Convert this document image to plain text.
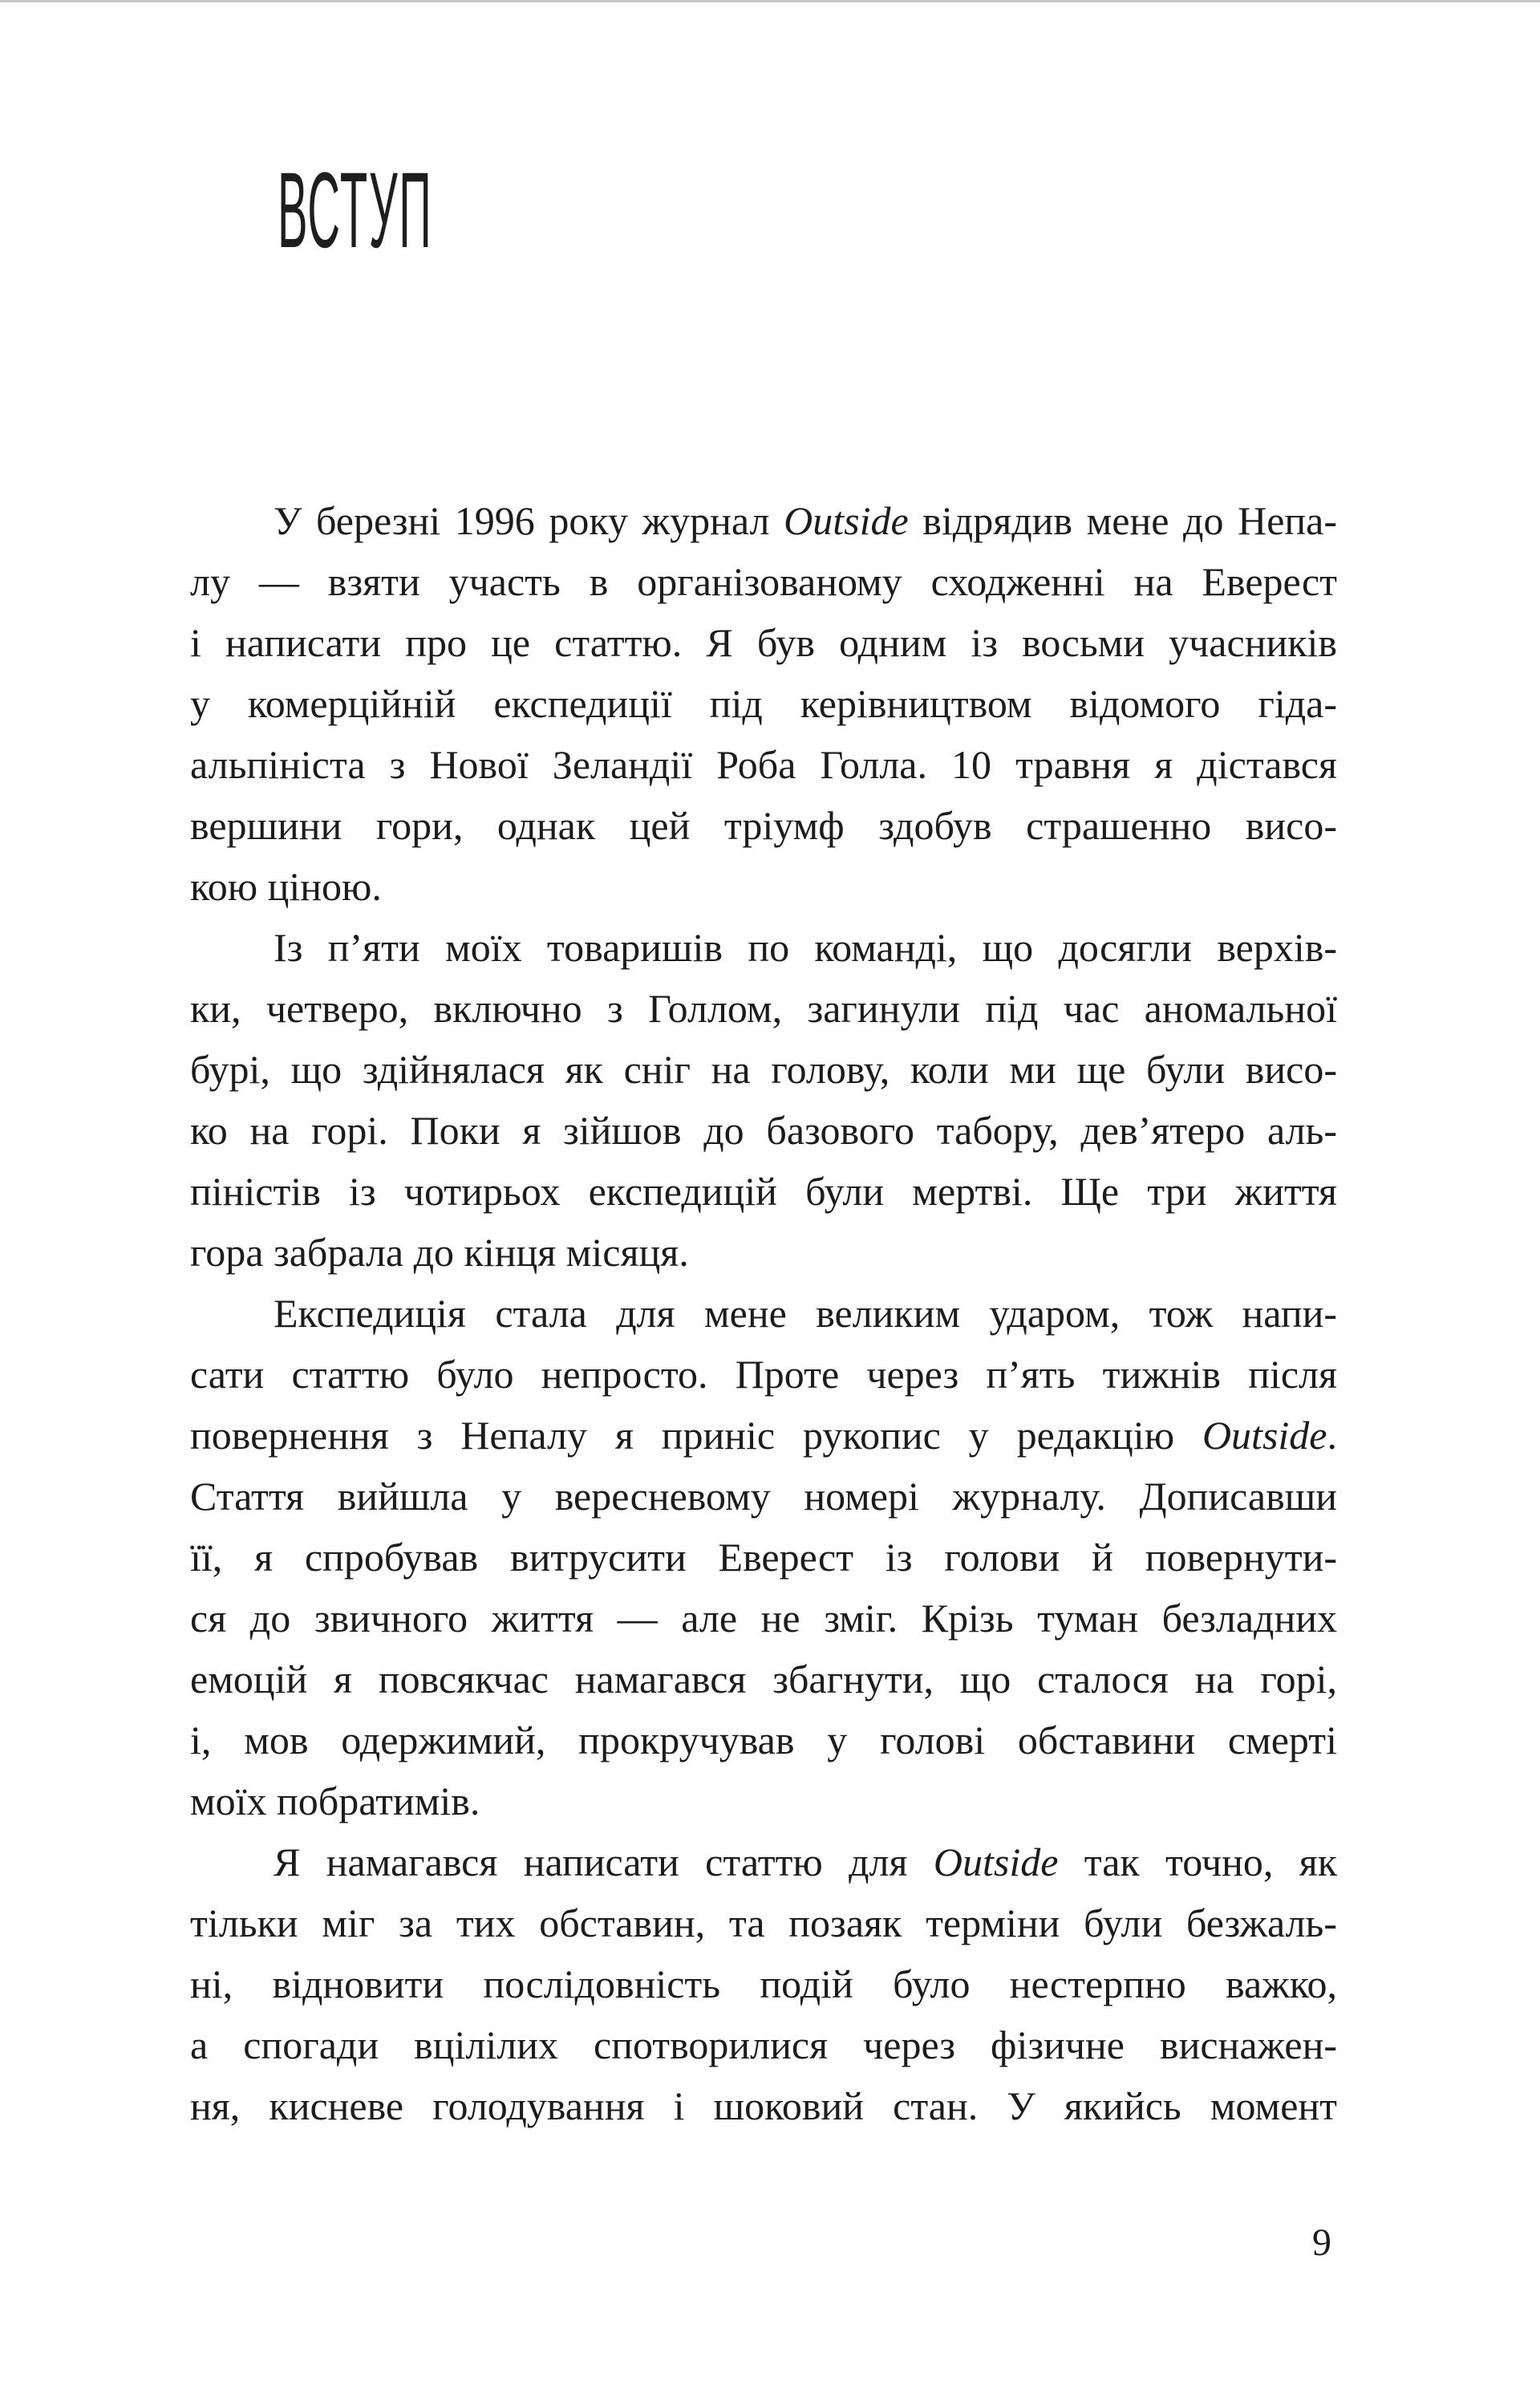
ВСТУП
У березні 1996 року журнал Outside відрядив мене до Непа-
лу — взяти участь в організованому сходженні на Еверест
і написати про це статтю. Я був одним із восьми учасників
у комерційній експедиції під керівництвом відомого гіда-
альпініста з Нової Зеландії Роба Голла. 10 травня я дістався
вершини гори, однак цей тріумф здобув страшенно висо-
кою ціною.
Із п’яти моїх товаришів по команді, що досягли верхів-
ки, четверо, включно з Голлом, загинули під час аномальної
бурі, що здійнялася як сніг на голову, коли ми ще були висо-
ко на горі. Поки я зійшов до базового табору, дев’ятеро аль-
піністів із чотирьох експедицій були мертві. Ще три життя
гора забрала до кінця місяця.
Експедиція стала для мене великим ударом, тож напи-
сати статтю було непросто. Проте через п’ять тижнів після
повернення з Непалу я приніс рукопис у редакцію Outside.
Стаття вийшла у вересневому номері журналу. Дописавши
її, я спробував витрусити Еверест із голови й повернути-
ся до звичного життя — але не зміг. Крізь туман безладних
емоцій я повсякчас намагався збагнути, що сталося на горі,
і, мов одержимий, прокручував у голові обставини смерті
моїх побратимів.
Я намагався написати статтю для Outside так точно, як
тільки міг за тих обставин, та позаяк терміни були безжаль-
ні, відновити послідовність подій було нестерпно важко,
а спогади вцілілих спотворилися через фізичне виснажен-
ня, кисневе голодування і шоковий стан. У якийсь момент
9
